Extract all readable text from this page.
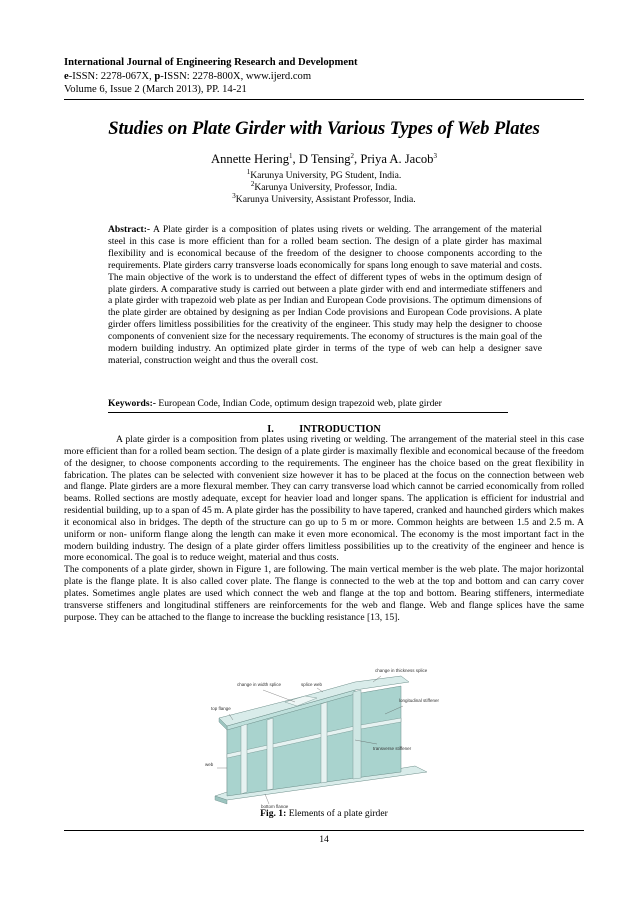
International Journal of Engineering Research and Development
e-ISSN: 2278-067X, p-ISSN: 2278-800X, www.ijerd.com
Volume 6, Issue 2 (March 2013), PP. 14-21
Studies on Plate Girder with Various Types of Web Plates
Annette Hering$^1$, D Tensing$^2$, Priya A. Jacob$^3$
$^1$Karunya University, PG Student, India.
$^2$Karunya University, Professor, India.
$^3$Karunya University, Assistant Professor, India.
Abstract:- A Plate girder is a composition of plates using rivets or welding. The arrangement of the material steel in this case is more efficient than for a rolled beam section. The design of a plate girder has maximal flexibility and is economical because of the freedom of the designer to choose components according to the requirements. Plate girders carry transverse loads economically for spans long enough to save material and costs. The main objective of the work is to understand the effect of different types of webs in the optimum design of plate girders. A comparative study is carried out between a plate girder with end and intermediate stiffeners and a plate girder with trapezoid web plate as per Indian and European Code provisions. The optimum dimensions of the plate girder are obtained by designing as per Indian Code provisions and European Code provisions. A plate girder offers limitless possibilities for the creativity of the engineer. This study may help the designer to choose components of convenient size for the necessary requirements. The economy of structures is the main goal of the modern building industry. An optimized plate girder in terms of the type of web can help a designer save material, construction weight and thus the overall cost.
Keywords:- European Code, Indian Code, optimum design trapezoid web, plate girder
I. INTRODUCTION

A plate girder is a composition from plates using riveting or welding. The arrangement of the material steel in this case more efficient than for a rolled beam section. The design of a plate girder is maximally flexible and economical because of the freedom of the designer, to choose components according to the requirements. The engineer has the choice based on the great flexibility in fabrication. The plates can be selected with convenient size however it has to be placed at the focus on the connection between web and flange. Plate girders are a more flexural member. They can carry transverse load which cannot be carried economically from rolled beams. Rolled sections are mostly adequate, except for heavier load and longer spans. The application is efficient for industrial and residential building, up to a span of 45 m. A plate girder has the possibility to have tapered, cranked and haunched girders which makes it economical also in bridges. The depth of the structure can go up to 5 m or more. Common heights are between 1.5 and 2.5 m. A uniform or non- uniform flange along the length can make it even more economical. The economy is the most important fact in the modern building industry. The design of a plate girder offers limitless possibilities up to the creativity of the engineer and hence is more economical. The goal is to reduce weight, material and thus costs.

The components of a plate girder, shown in Figure 1, are following. The main vertical member is the web plate. The major horizontal plate is the flange plate. It is also called cover plate. The flange is connected to the web at the top and bottom and can carry cover plates. Sometimes angle plates are used which connect the web and flange at the top and bottom. Bearing stiffeners, intermediate transverse stiffeners and longitudinal stiffeners are reinforcements for the web and flange. Web and flange splices have the same purpose. They can be attached to the flange to increase the buckling resistance [13, 15].

change in thickness splice
splice web
change in width splice
top flange
longitudinal stiffener
transverse stiffener
web
bottom flange
Fig. 1: Elements of a plate girder
14
